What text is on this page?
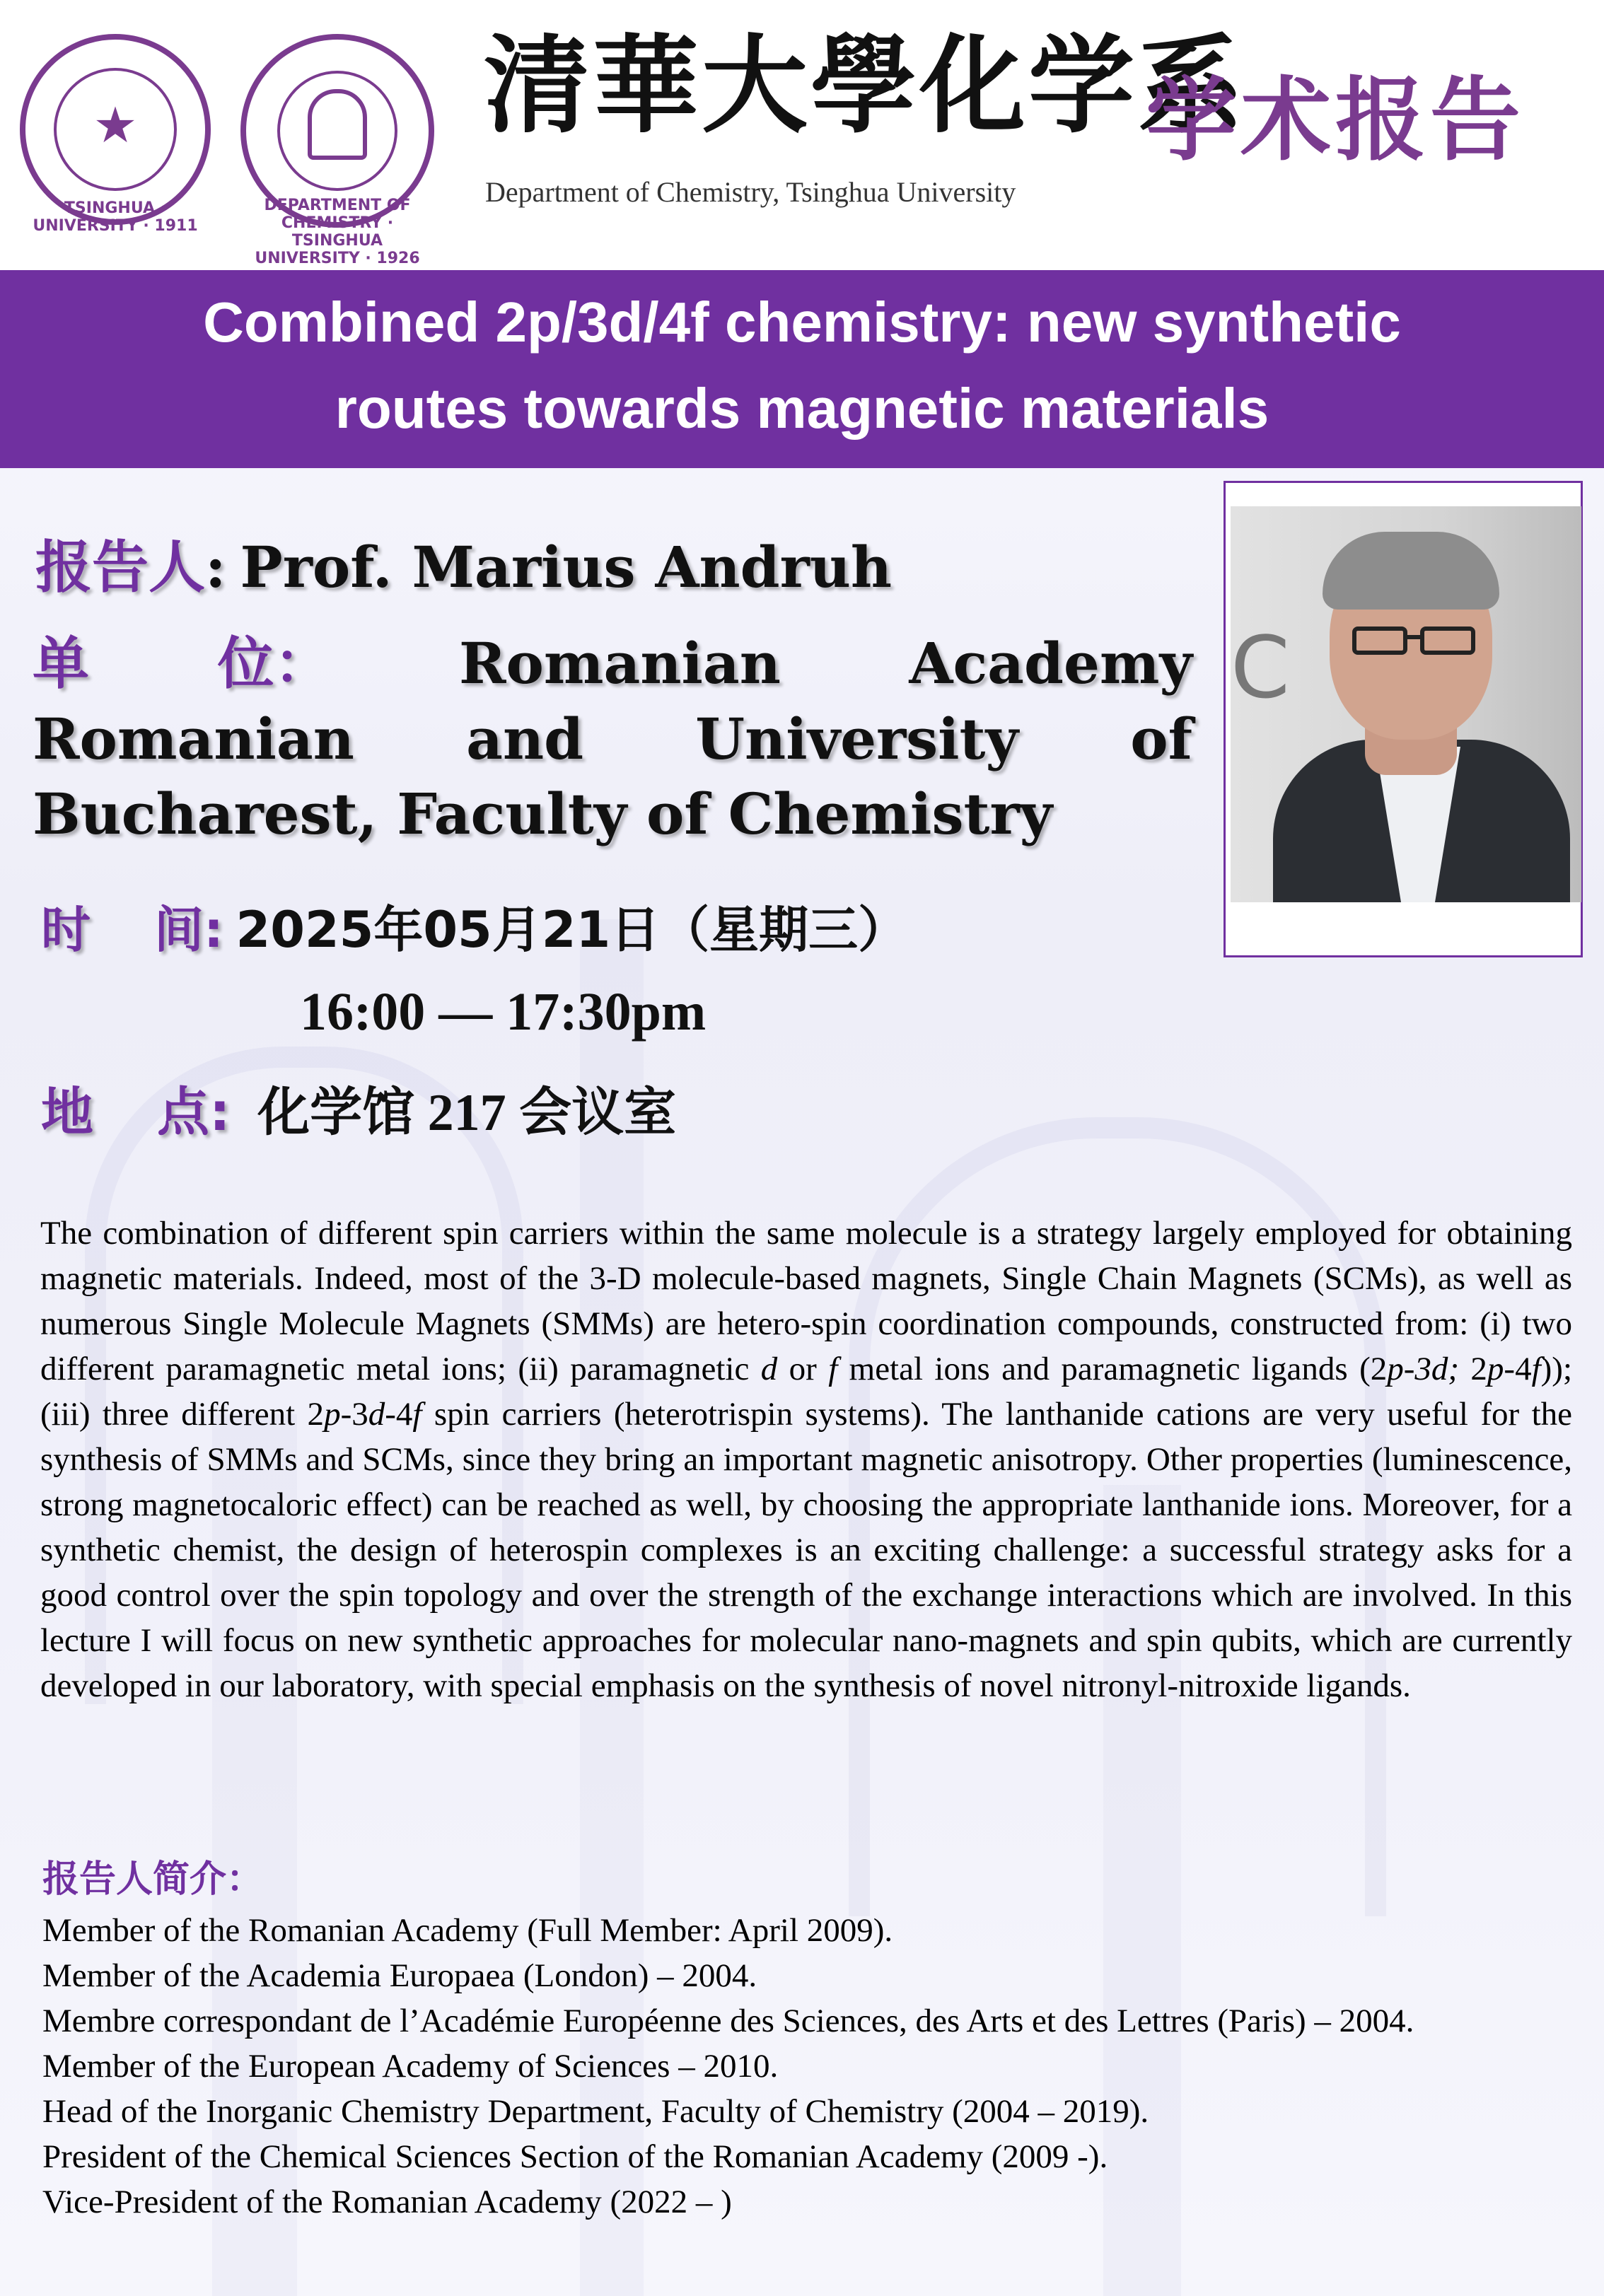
★
TSINGHUA · UNIVERSITY · 1911
DEPARTMENT OF CHEMISTRY · TSINGHUA UNIVERSITY · 1926
清華大學化学系
Department of Chemistry, Tsinghua University
学术报告
Combined 2p/3d/4f chemistry: new synthetic
routes towards magnetic materials
C
报告人: Prof. Marius Andruh
单 位： Romanian Academy
Romanian and University of
Bucharest, Faculty of Chemistry
时 间: 2025年05月21日（星期三）
16:00 — 17:30pm
地 点: 化学馆 217 会议室

The combination of different spin carriers within the same molecule is a strategy largely employed for obtaining magnetic materials. Indeed, most of the 3-D molecule-based magnets, Single Chain Magnets (SCMs), as well as numerous Single Molecule Magnets (SMMs) are hetero-spin coordination compounds, constructed from: (i) two different paramagnetic metal ions; (ii) paramagnetic d or f metal ions and paramagnetic ligands (2p-3d; 2p-4f)); (iii) three different 2p-3d-4f spin carriers (heterotrispin systems). The lanthanide cations are very useful for the synthesis of SMMs and SCMs, since they bring an important magnetic anisotropy. Other properties (luminescence, strong magnetocaloric effect) can be reached as well, by choosing the appropriate lanthanide ions. Moreover, for a synthetic chemist, the design of heterospin complexes is an exciting challenge: a successful strategy asks for a good control over the spin topology and over the strength of the exchange interactions which are involved. In this lecture I will focus on new synthetic approaches for molecular nano-magnets and spin qubits, which are currently developed in our laboratory, with special emphasis on the synthesis of novel nitronyl-nitroxide ligands.

报告人简介：
Member of the Romanian Academy (Full Member: April 2009).
Member of the Academia Europaea (London) – 2004.
Membre correspondant de l’Académie Européenne des Sciences, des Arts et des Lettres (Paris) – 2004.
Member of the European Academy of Sciences – 2010.
Head of the Inorganic Chemistry Department, Faculty of Chemistry (2004 – 2019).
President of the Chemical Sciences Section of the Romanian Academy (2009 -).
Vice-President of the Romanian Academy (2022 – )
